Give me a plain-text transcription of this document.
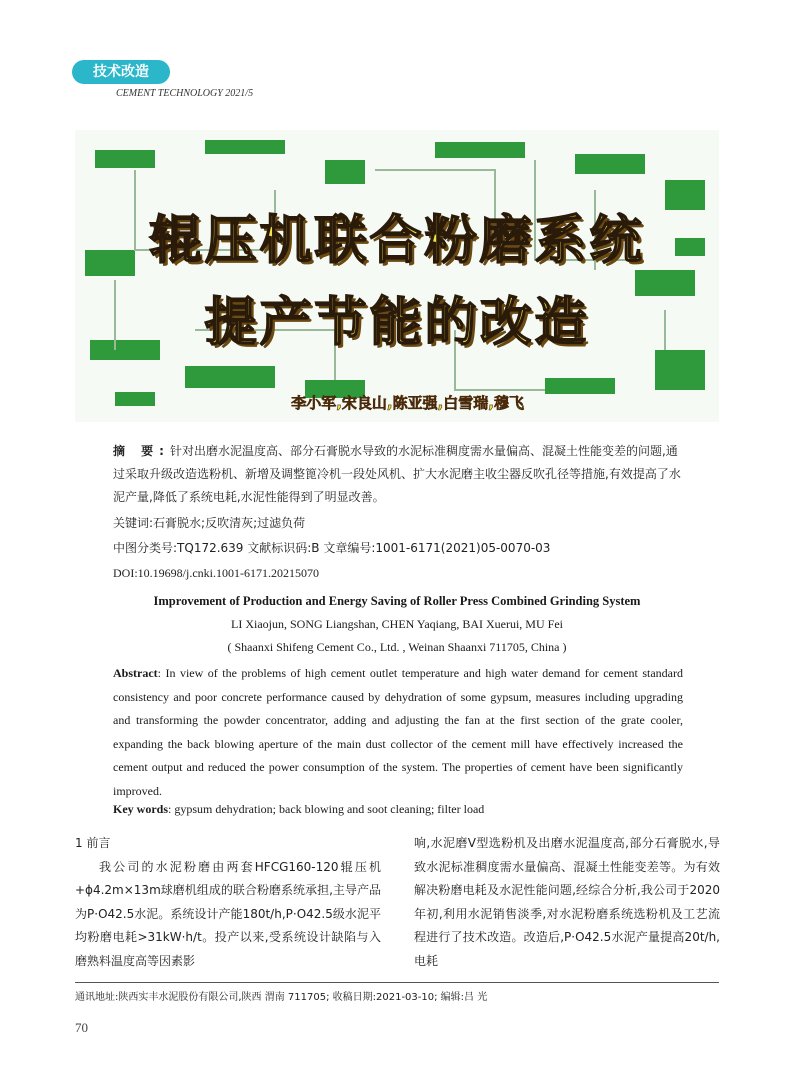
技术改造
CEMENT TECHNOLOGY 2021/5
辊压机联合粉磨系统
提产节能的改造
李小军,宋良山,陈亚强,白雪瑞,穆飞
摘 要:针对出磨水泥温度高、部分石膏脱水导致的水泥标准稠度需水量偏高、混凝土性能变差的问题,通过采取升级改造选粉机、新增及调整篦冷机一段处风机、扩大水泥磨主收尘器反吹孔径等措施,有效提高了水泥产量,降低了系统电耗,水泥性能得到了明显改善。
关键词:石膏脱水;反吹清灰;过滤负荷
中图分类号:TQ172.639 文献标识码:B 文章编号:1001-6171(2021)05-0070-03
DOI:10.19698/j.cnki.1001-6171.20215070
Improvement of Production and Energy Saving of Roller Press Combined Grinding System
LI Xiaojun, SONG Liangshan, CHEN Yaqiang, BAI Xuerui, MU Fei
( Shaanxi Shifeng Cement Co., Ltd. , Weinan Shaanxi 711705, China )
Abstract: In view of the problems of high cement outlet temperature and high water demand for cement standard consistency and poor concrete performance caused by dehydration of some gypsum, measures including upgrading and transforming the powder concentrator, adding and adjusting the fan at the first section of the grate cooler, expanding the back blowing aperture of the main dust collector of the cement mill have effectively increased the cement output and reduced the power consumption of the system. The properties of cement have been significantly improved.
Key words: gypsum dehydration; back blowing and soot cleaning; filter load

1 前言

我公司的水泥粉磨由两套HFCG160-120辊压机+ϕ4.2m×13m球磨机组成的联合粉磨系统承担,主导产品为P·O42.5水泥。系统设计产能180t/h,P·O42.5级水泥平均粉磨电耗>31kW·h/t。投产以来,受系统设计缺陷与入磨熟料温度高等因素影

响,水泥磨V型选粉机及出磨水泥温度高,部分石膏脱水,导致水泥标准稠度需水量偏高、混凝土性能变差等。为有效解决粉磨电耗及水泥性能问题,经综合分析,我公司于2020年初,利用水泥销售淡季,对水泥粉磨系统选粉机及工艺流程进行了技术改造。改造后,P·O42.5水泥产量提高20t/h,电耗

通讯地址:陕西实丰水泥股份有限公司,陕西 渭南 711705; 收稿日期:2021-03-10; 编辑:吕 光
70
